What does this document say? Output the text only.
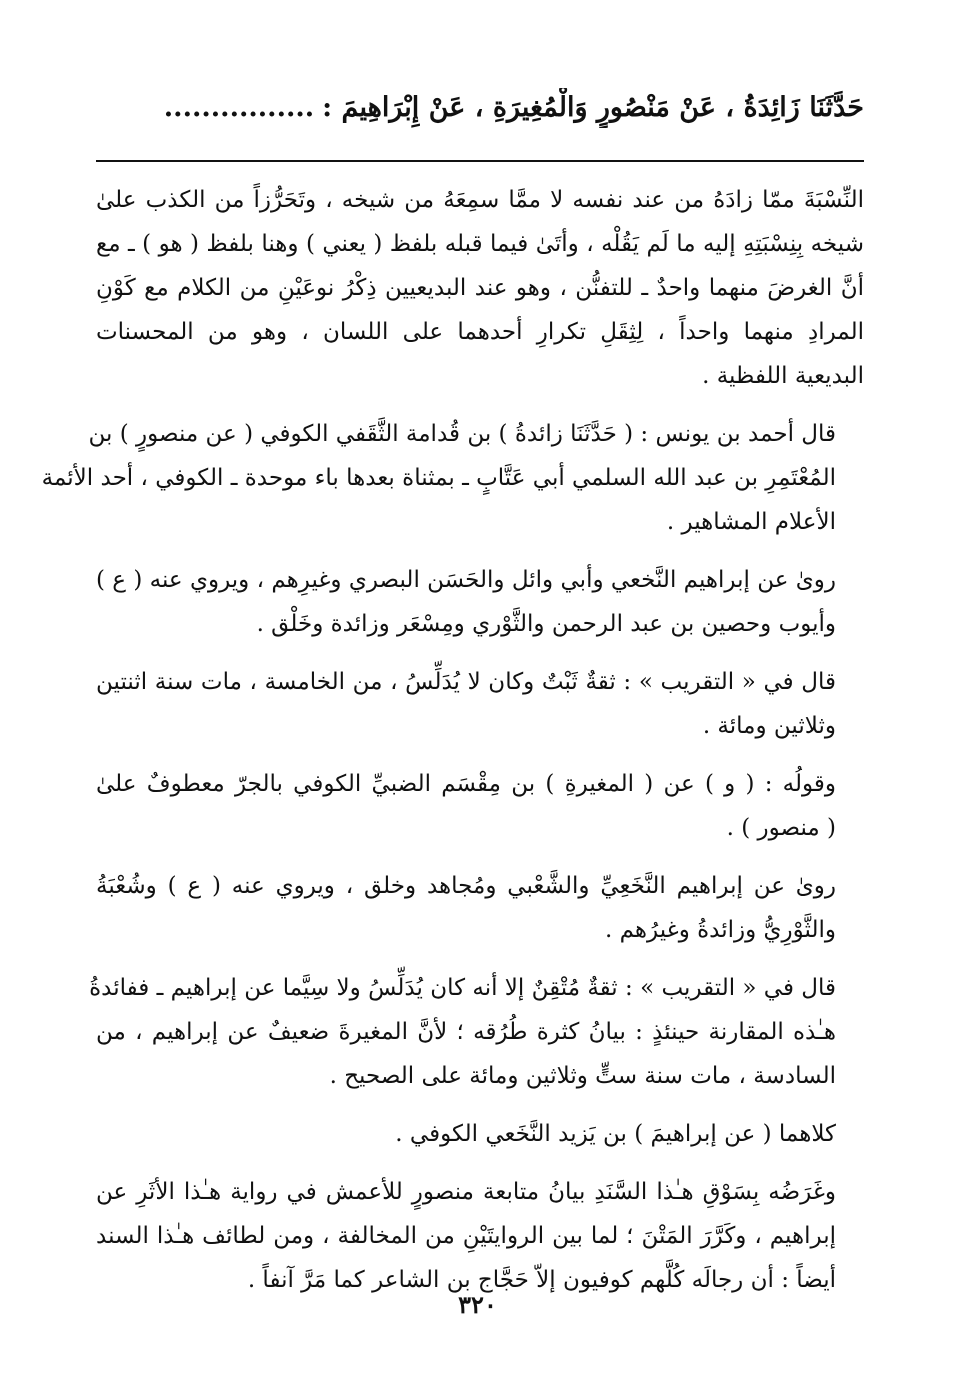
حَدَّثَنَا زَائِدَةُ ، عَنْ مَنْصُورٍ وَالْمُغِيرَةِ ، عَنْ إِبْرَاهِيمَ :................
النِّسْبَةَ ممّا زادَهُ من عند نفسه لا ممَّا سمِعَهُ من شيخه ، وتَحَرُّزاً من الكذب علىٰ
شيخه بِنِسْبَتِهِ إليه ما لَم يَقُلْه ، وأتَىٰ فيما قبله بلفظ ( يعني ) وهنا بلفظ ( هو ) ـ مع
أنَّ الغرضَ منهما واحدٌ ـ للتفنُّن ، وهو عند البديعيين ذِكْرُ نوعَيْنِ من الكلام مع كَوْنِ
المرادِ منهما واحداً ، لِثِقَلِ تكرارِ أحدهما على اللسان ، وهو من المحسنات
البديعية اللفظية .
قال أحمد بن يونس : ( حَدَّثَنَا زائدةُ ) بن قُدامة الثَّقَفي الكوفي ( عن منصورٍ ) بن
المُعْتَمِرِ بن عبد الله السلمي أبي عَتَّابٍ ـ بمثناة بعدها باء موحدة ـ الكوفي ، أحد الأئمة
الأعلام المشاهير .
روىٰ عن إبراهيم النَّخعي وأبي وائل والحَسَن البصري وغيرِهم ، ويروي عنه ( ع )
وأيوب وحصين بن عبد الرحمن والثَّوْري ومِسْعَر وزائدة وخَلْق .
قال في « التقريب » : ثقةٌ ثَبْتٌ وكان لا يُدَلِّسُ ، من الخامسة ، مات سنة اثنتين
وثلاثين ومائة .
وقولُه : ( و ) عن ( المغيرةِ ) بن مِقْسَم الضبيِّ الكوفي بالجرّ معطوفٌ علىٰ
( منصور ) .
روىٰ عن إبراهيم النَّخَعِيِّ والشَّعْبي ومُجاهد وخلق ، ويروي عنه ( ع ) وشُعْبَةُ
والثَّوْرِيُّ وزائدةُ وغيرُهم .
قال في « التقريب » : ثقةٌ مُتْقِنٌ إلا أنه كان يُدَلِّسُ ولا سِيَّما عن إبراهيم ـ ففائدةُ
هـٰذه المقارنة حينئذٍ : بيانُ كثرة طُرُقه ؛ لأنَّ المغيرةَ ضعيفٌ عن إبراهيم ، من
السادسة ، مات سنة ستٍّ وثلاثين ومائة على الصحيح .
كلاهما ( عن إبراهيمَ ) بن يَزيد النَّخَعي الكوفي .
وغَرَضُه بِسَوْقِ هـٰذا السَّنَدِ بيانُ متابعة منصورٍ للأعمش في رواية هـٰذا الأثَرِ عن
إبراهيم ، وكَرَّرَ المَتْنَ ؛ لما بين الروايتَيْنِ من المخالفة ، ومن لطائف هـٰذا السند
أيضاً : أن رجالَه كُلَّهم كوفيون إلاّ حَجَّاج بن الشاعر كما مَرَّ آنفاً .
٣٢٠
